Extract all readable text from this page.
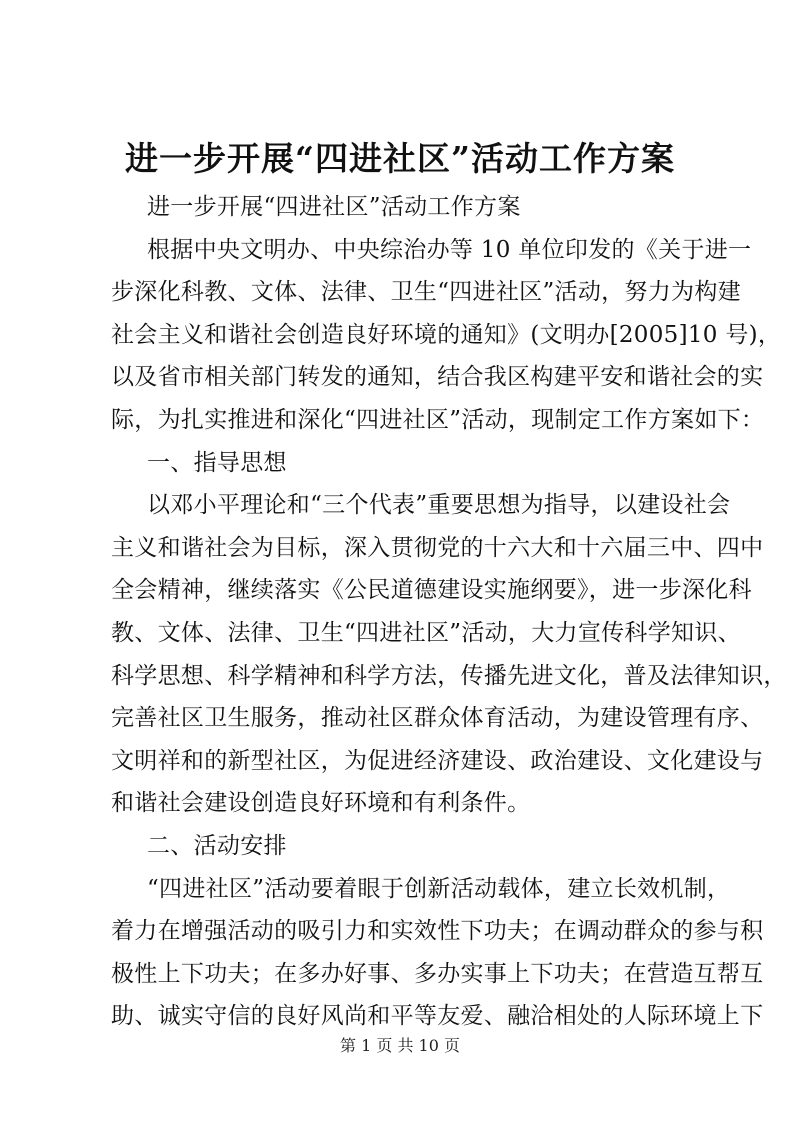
进一步开展“四进社区”活动工作方案
进一步开展“四进社区”活动工作方案
根据中央文明办、中央综治办等 10 单位印发的《关于进一
步深化科教、文体、法律、卫生“四进社区”活动，努力为构建
社会主义和谐社会创造良好环境的通知》(文明办[2005]10 号)，
以及省市相关部门转发的通知，结合我区构建平安和谐社会的实
际，为扎实推进和深化“四进社区”活动，现制定工作方案如下：
一、指导思想
以邓小平理论和“三个代表”重要思想为指导，以建设社会
主义和谐社会为目标，深入贯彻党的十六大和十六届三中、四中
全会精神，继续落实《公民道德建设实施纲要》，进一步深化科
教、文体、法律、卫生“四进社区”活动，大力宣传科学知识、
科学思想、科学精神和科学方法，传播先进文化，普及法律知识，
完善社区卫生服务，推动社区群众体育活动，为建设管理有序、
文明祥和的新型社区，为促进经济建设、政治建设、文化建设与
和谐社会建设创造良好环境和有利条件。
二、活动安排
“四进社区”活动要着眼于创新活动载体，建立长效机制，
着力在增强活动的吸引力和实效性下功夫；在调动群众的参与积
极性上下功夫；在多办好事、多办实事上下功夫；在营造互帮互
助、诚实守信的良好风尚和平等友爱、融洽相处的人际环境上下
第 1 页 共 10 页
